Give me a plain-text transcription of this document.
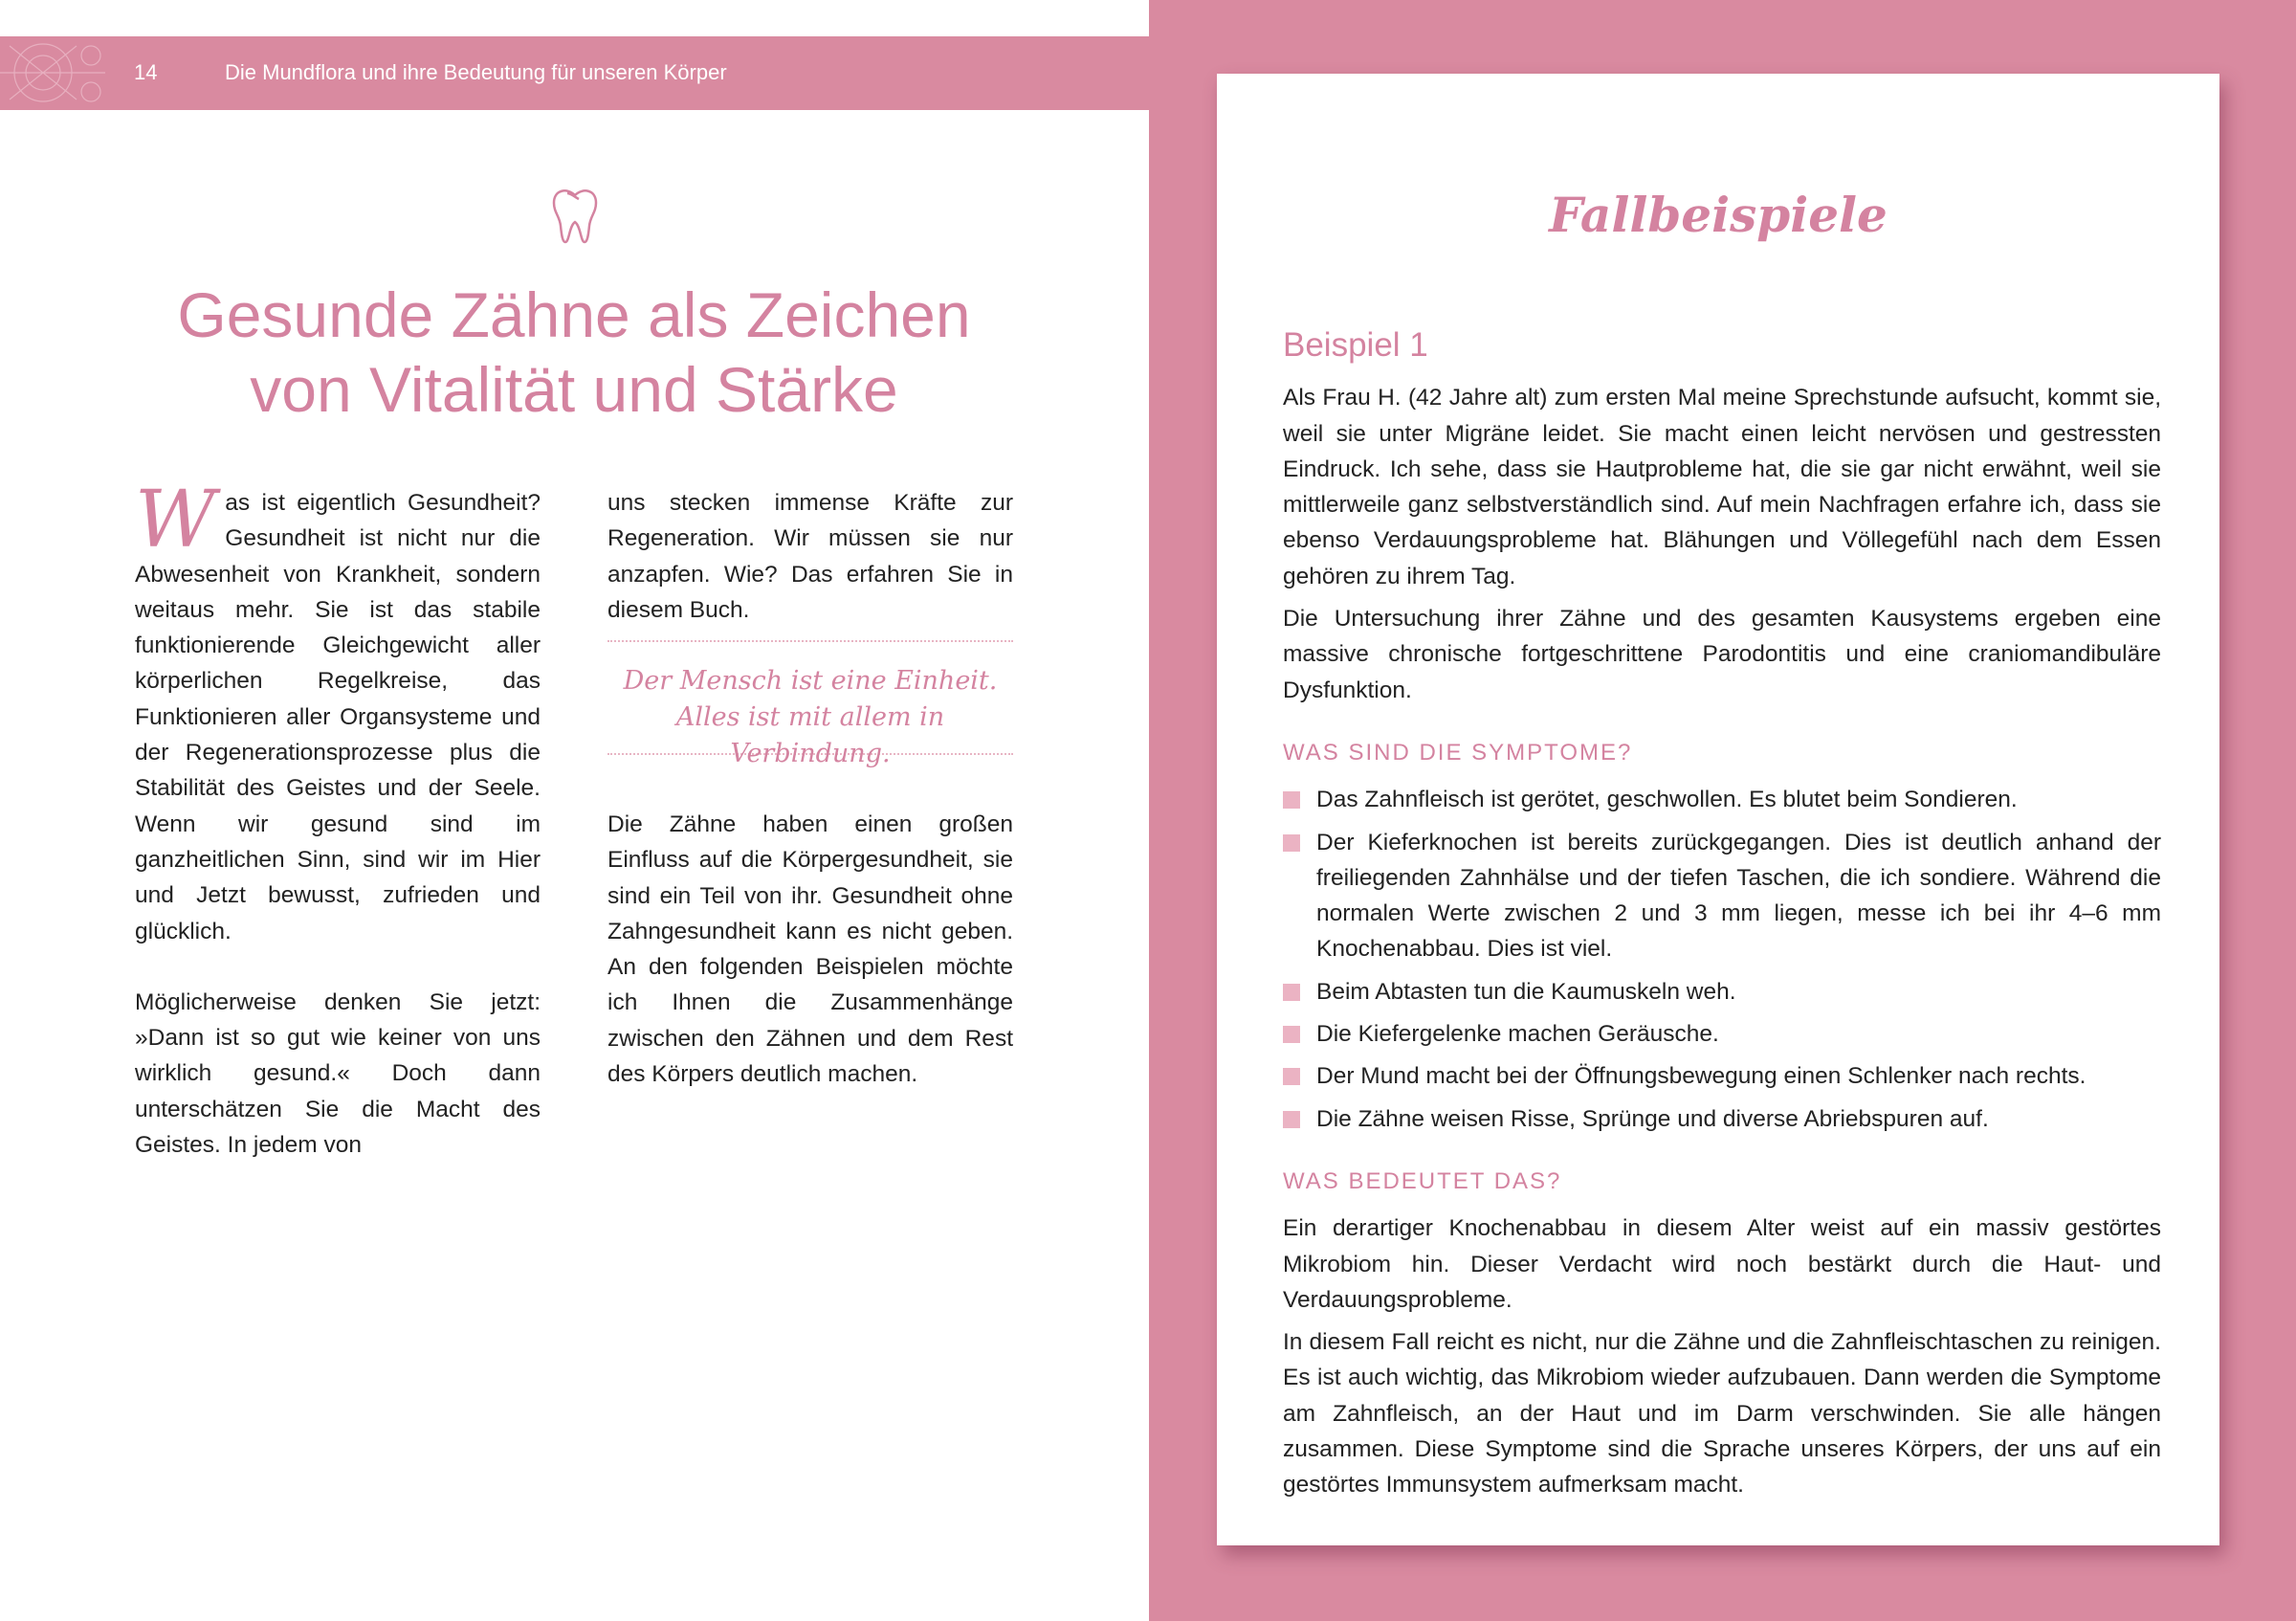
14	Die Mundflora und ihre Bedeutung für unseren Körper
Gesunde Zähne als Zeichen
von Vitalität und Stärke

Was ist eigentlich Gesundheit? Gesundheit ist nicht nur die Abwesenheit von Krankheit, sondern weitaus mehr. Sie ist das stabile funktionierende Gleichgewicht aller körperlichen Regelkreise, das Funktionieren aller Organsysteme und der Regenerationsprozesse plus die Stabilität des Geistes und der Seele. Wenn wir gesund sind im ganzheitlichen Sinn, sind wir im Hier und Jetzt bewusst, zufrieden und glücklich.

Möglicherweise denken Sie jetzt: »Dann ist so gut wie keiner von uns wirklich gesund.« Doch dann unterschätzen Sie die Macht des Geistes. In jedem von

uns stecken immense Kräfte zur Regeneration. Wir müssen sie nur anzapfen. Wie? Das erfahren Sie in diesem Buch.

Der Mensch ist eine Einheit.
Alles ist mit allem in Verbindung.

Die Zähne haben einen großen Einfluss auf die Körpergesundheit, sie sind ein Teil von ihr. Gesundheit ohne Zahngesundheit kann es nicht geben. An den folgenden Beispielen möchte ich Ihnen die Zusammenhänge zwischen den Zähnen und dem Rest des Körpers deutlich machen.

Fallbeispiele
Beispiel 1

Als Frau H. (42 Jahre alt) zum ersten Mal meine Sprechstunde aufsucht, kommt sie, weil sie unter Migräne leidet. Sie macht einen leicht nervösen und gestressten Eindruck. Ich sehe, dass sie Hautprobleme hat, die sie gar nicht erwähnt, weil sie mittlerweile ganz selbstverständlich sind. Auf mein Nachfragen erfahre ich, dass sie ebenso Verdauungsprobleme hat. Blähungen und Völlegefühl nach dem Essen gehören zu ihrem Tag.

Die Untersuchung ihrer Zähne und des gesamten Kausystems ergeben eine massive chronische fortgeschrittene Parodontitis und eine craniomandibuläre Dysfunktion.

WAS SIND DIE SYMPTOME?
Das Zahnfleisch ist gerötet, geschwollen. Es blutet beim Sondieren.
Der Kieferknochen ist bereits zurückgegangen. Dies ist deutlich anhand der freiliegenden Zahnhälse und der tiefen Taschen, die ich sondiere. Während die normalen Werte zwischen 2 und 3 mm liegen, messe ich bei ihr 4–6 mm Knochenabbau. Dies ist viel.
Beim Abtasten tun die Kaumuskeln weh.
Die Kiefergelenke machen Geräusche.
Der Mund macht bei der Öffnungsbewegung einen Schlenker nach rechts.
Die Zähne weisen Risse, Sprünge und diverse Abriebspuren auf.
WAS BEDEUTET DAS?

Ein derartiger Knochenabbau in diesem Alter weist auf ein massiv gestörtes Mikrobiom hin. Dieser Verdacht wird noch bestärkt durch die Haut- und Verdauungsprobleme.

In diesem Fall reicht es nicht, nur die Zähne und die Zahnfleischtaschen zu reinigen. Es ist auch wichtig, das Mikrobiom wieder aufzubauen. Dann werden die Symptome am Zahnfleisch, an der Haut und im Darm verschwinden. Sie alle hängen zusammen. Diese Symptome sind die Sprache unseres Körpers, der uns auf ein gestörtes Immunsystem aufmerksam macht.
